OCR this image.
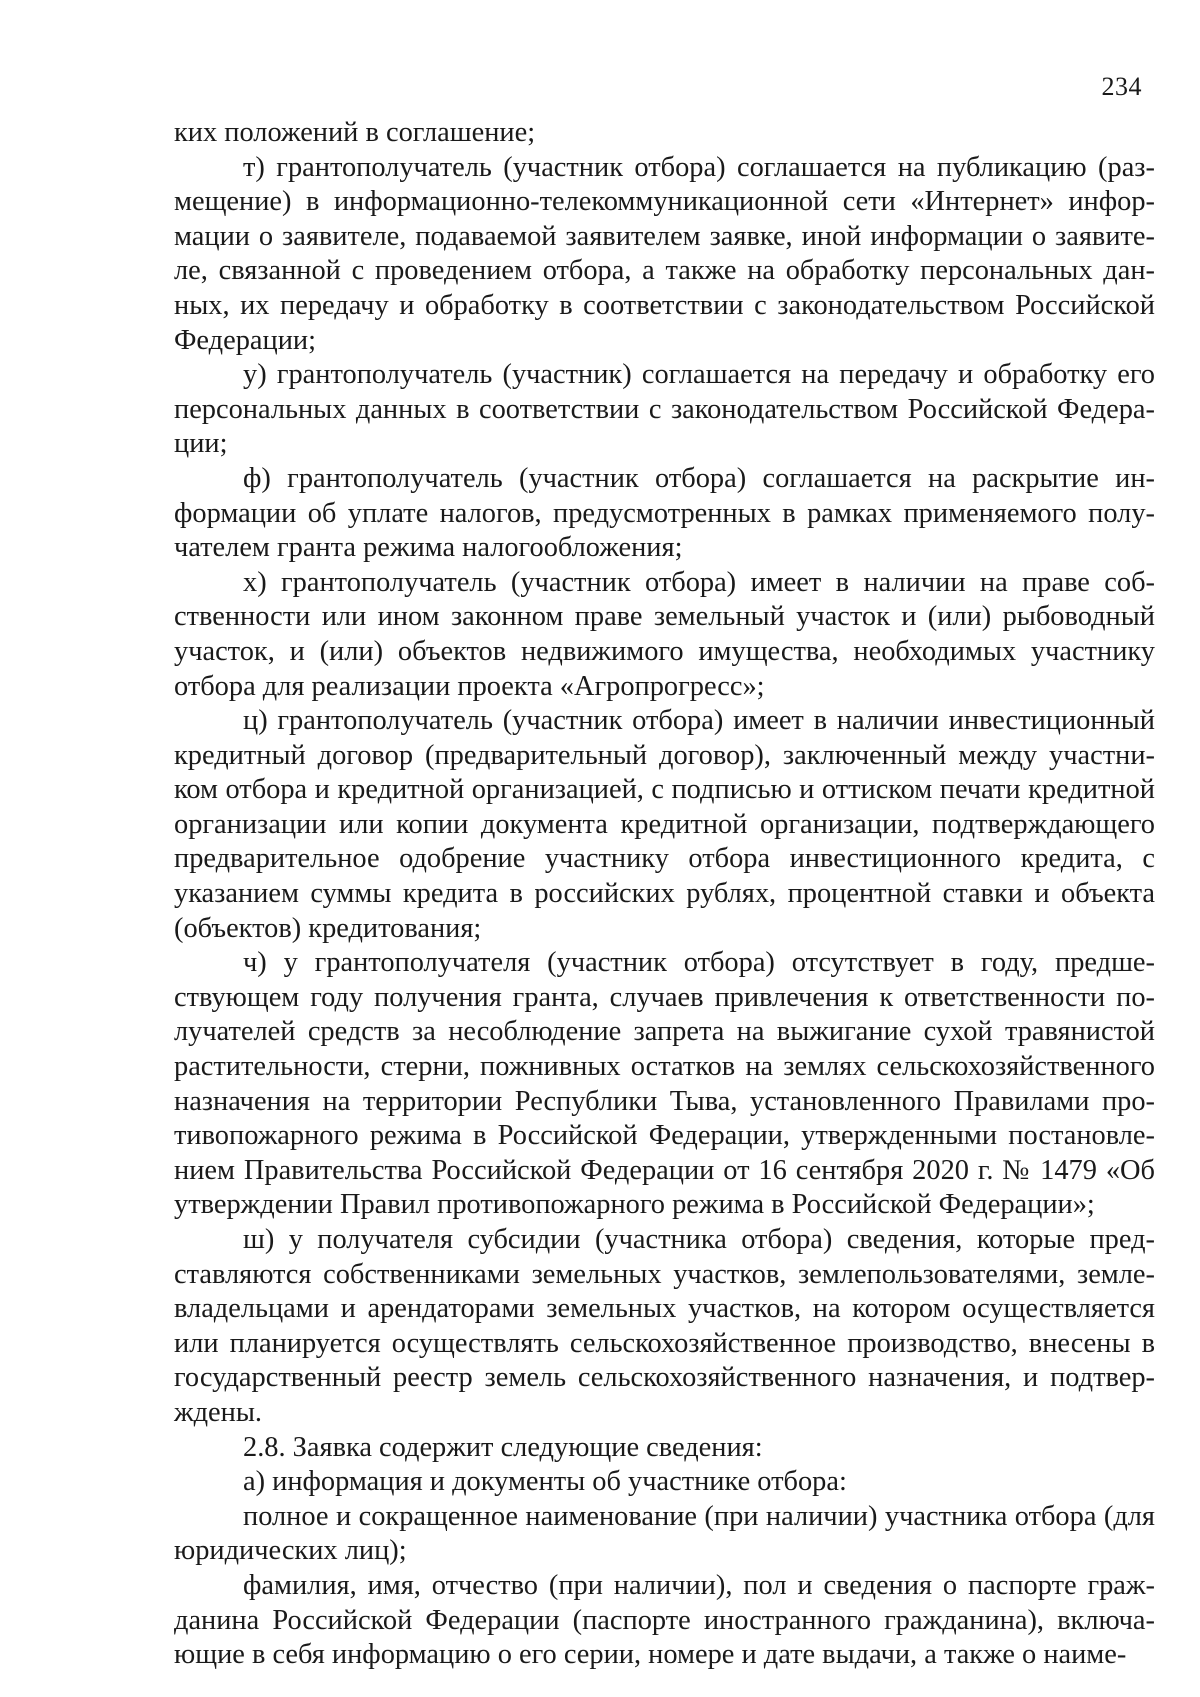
234

ких положений в соглашение;

т) грантополучатель (участник отбора) соглашается на публикацию (размещение) в информационно-телекоммуникационной сети «Интернет» информации о заявителе, подаваемой заявителем заявке, иной информации о заявителе, связанной с проведением отбора, а также на обработку персональных данных, их передачу и обработку в соответствии с законодательством Российской Федерации;

у) грантополучатель (участник) соглашается на передачу и обработку его персональных данных в соответствии с законодательством Российской Федерации;

ф) грантополучатель (участник отбора) соглашается на раскрытие информации об уплате налогов, предусмотренных в рамках применяемого получателем гранта режима налогообложения;

х) грантополучатель (участник отбора) имеет в наличии на праве собственности или ином законном праве земельный участок и (или) рыбоводный участок, и (или) объектов недвижимого имущества, необходимых участнику отбора для реализации проекта «Агропрогресс»;

ц) грантополучатель (участник отбора) имеет в наличии инвестиционный кредитный договор (предварительный договор), заключенный между участником отбора и кредитной организацией, с подписью и оттиском печати кредитной организации или копии документа кредитной организации, подтверждающего предварительное одобрение участнику отбора инвестиционного кредита, с указанием суммы кредита в российских рублях, процентной ставки и объекта (объектов) кредитования;

ч) у грантополучателя (участник отбора) отсутствует в году, предшествующем году получения гранта, случаев привлечения к ответственности получателей средств за несоблюдение запрета на выжигание сухой травянистой растительности, стерни, пожнивных остатков на землях сельскохозяйственного назначения на территории Республики Тыва, установленного Правилами противопожарного режима в Российской Федерации, утвержденными постановлением Правительства Российской Федерации от 16 сентября 2020 г. № 1479 «Об утверждении Правил противопожарного режима в Российской Федерации»;

ш) у получателя субсидии (участника отбора) сведения, которые представляются собственниками земельных участков, землепользователями, землевладельцами и арендаторами земельных участков, на котором осуществляется или планируется осуществлять сельскохозяйственное производство, внесены в государственный реестр земель сельскохозяйственного назначения, и подтверждены.

2.8. Заявка содержит следующие сведения:

а) информация и документы об участнике отбора:

полное и сокращенное наименование (при наличии) участника отбора (для юридических лиц);

фамилия, имя, отчество (при наличии), пол и сведения о паспорте гражданина Российской Федерации (паспорте иностранного гражданина), включающие в себя информацию о его серии, номере и дате выдачи, а также о наиме-
